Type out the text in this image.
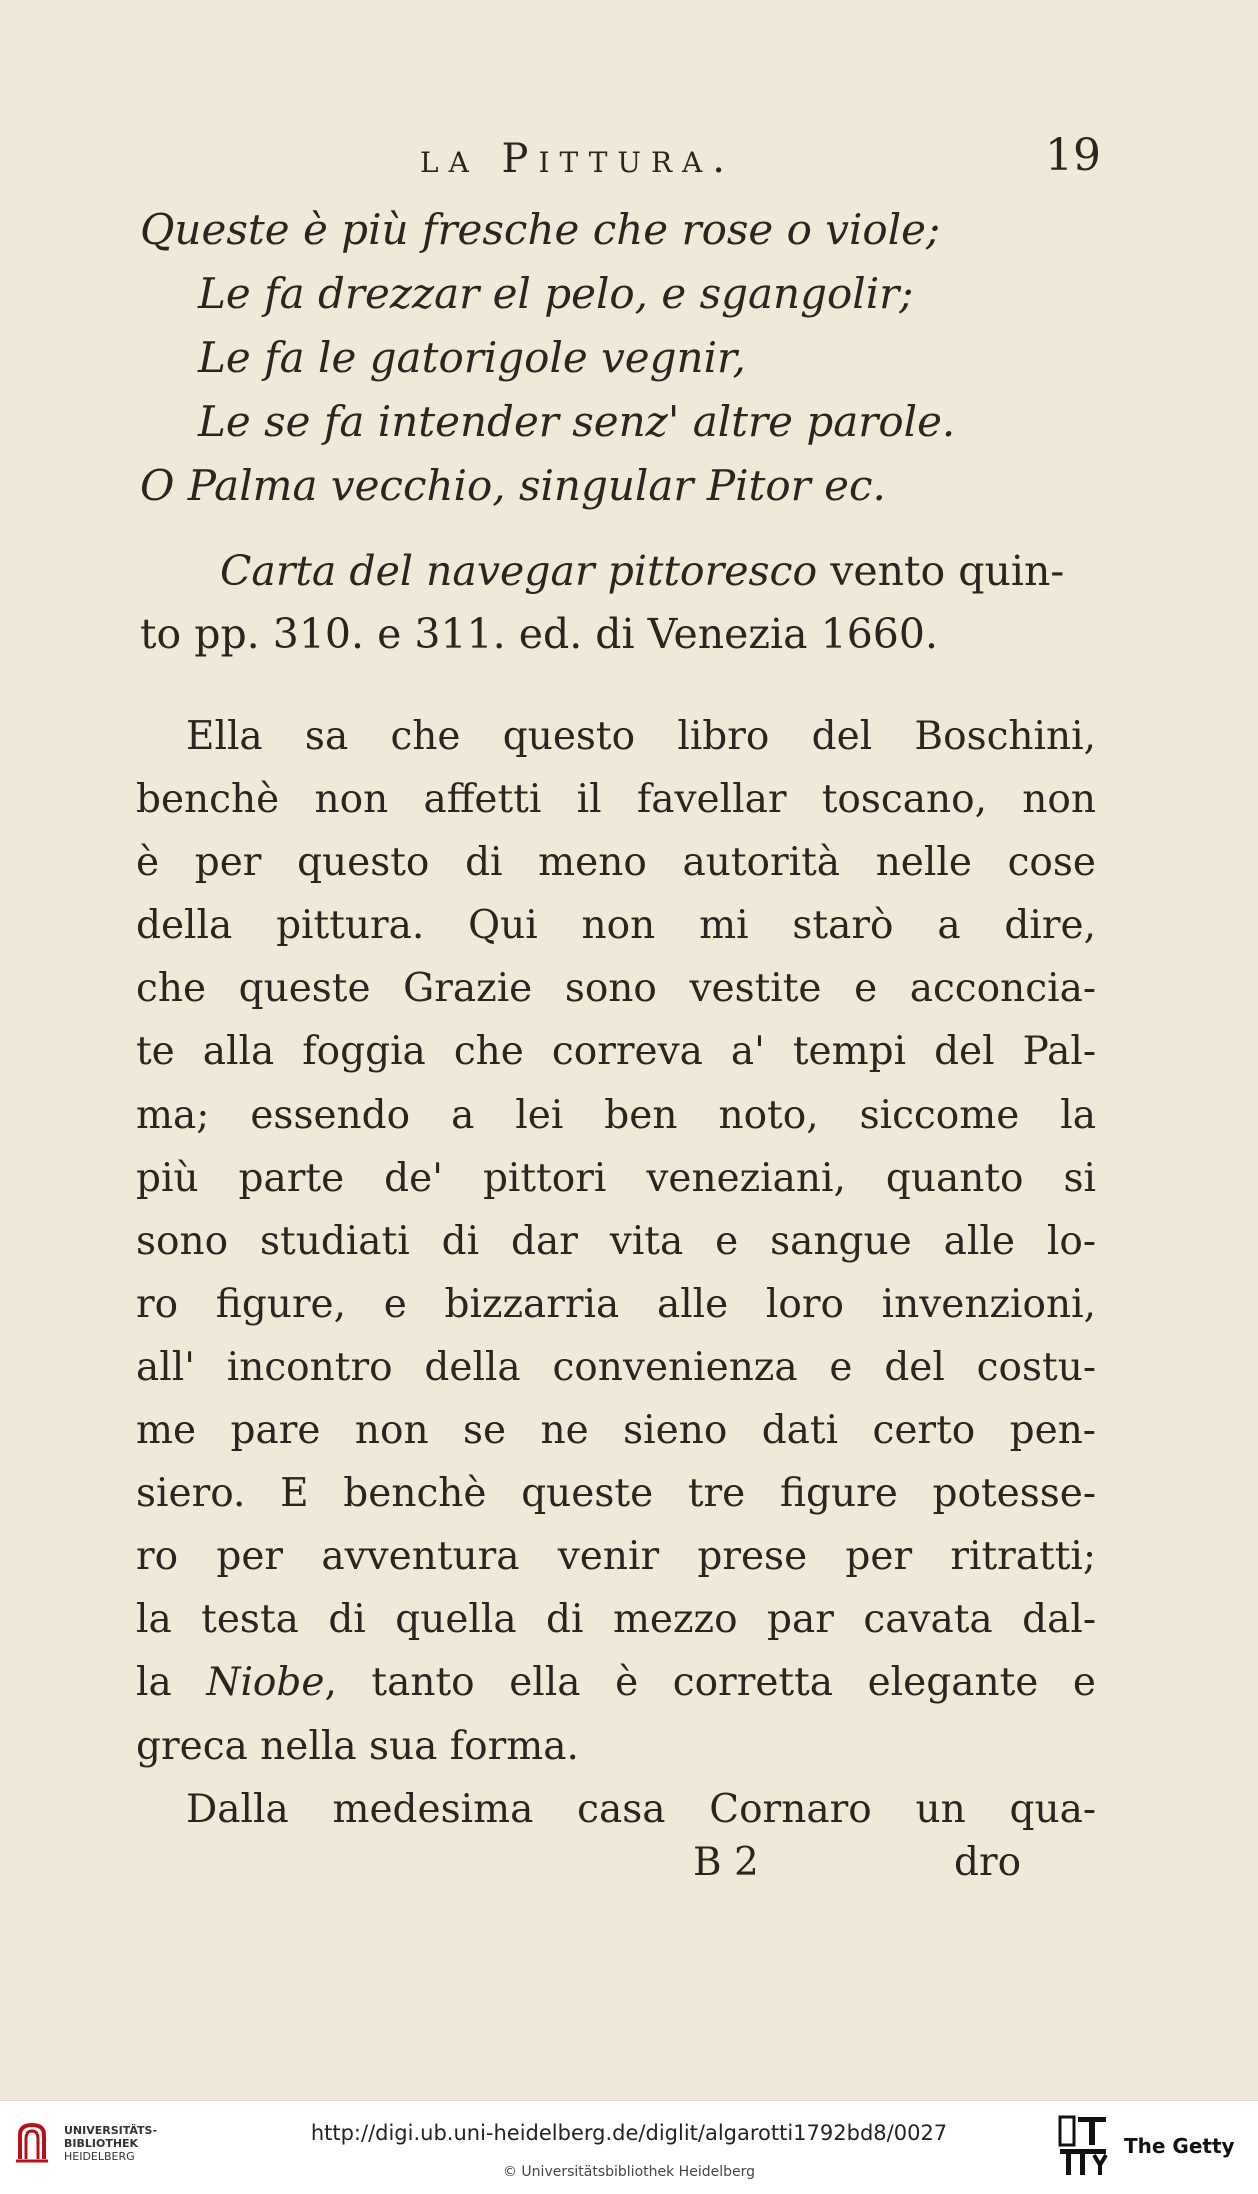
la Pittura.	19
Queste è più fresche che rose o viole;
Le fa drezzar el pelo, e sgangolir;
Le fa le gatorigole vegnir,
Le se fa intender senz' altre parole.
O Palma vecchio, singular Pitor ec.
Carta del navegar pittoresco vento quin-
to pp. 310. e 311. ed. di Venezia 1660.
Ella sa che questo libro del Boschini,
benchè non affetti il favellar toscano, non
è per questo di meno autorità nelle cose
della pittura. Qui non mi starò a dire,
che queste Grazie sono vestite e acconcia-
te alla foggia che correva a' tempi del Pal-
ma; essendo a lei ben noto, siccome la
più parte de' pittori veneziani, quanto si
sono studiati di dar vita e sangue alle lo-
ro figure, e bizzarria alle loro invenzioni,
all' incontro della convenienza e del costu-
me pare non se ne sieno dati certo pen-
siero. E benchè queste tre figure potesse-
ro per avventura venir prese per ritratti;
la testa di quella di mezzo par cavata dal-
la Niobe, tanto ella è corretta elegante e
greca nella sua forma.
Dalla medesima casa Cornaro un qua-
B 2	dro
UNIVERSITÄTS-
BIBLIOTHEK
HEIDELBERG
http://digi.ub.uni-heidelberg.de/diglit/algarotti1792bd8/0027
© Universitätsbibliothek Heidelberg
The Getty
